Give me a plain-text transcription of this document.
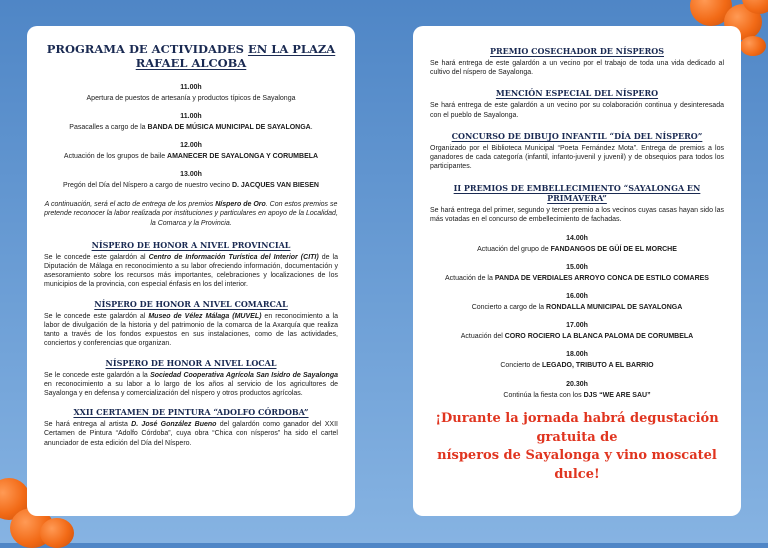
PROGRAMA DE ACTIVIDADES EN LA PLAZA RAFAEL ALCOBA

11.00h

Apertura de puestos de artesanía y productos típicos de Sayalonga

11.00h

Pasacalles a cargo de la BANDA DE MÚSICA MUNICIPAL DE SAYALONGA.

12.00h

Actuación de los grupos de baile AMANECER DE SAYALONGA Y CORUMBELA

13.00h

Pregón del Día del Níspero a cargo de nuestro vecino D. JACQUES VAN BIESEN

A continuación, será el acto de entrega de los premios Níspero de Oro. Con estos premios se pretende reconocer la labor realizada por instituciones y particulares en apoyo de la Localidad, la Comarca y la Provincia.

NÍSPERO DE HONOR A NIVEL PROVINCIAL

Se le concede este galardón al Centro de Información Turística del Interior (CITI) de la Diputación de Málaga en reconocimiento a su labor ofreciendo información, documentación y asesoramiento sobre los recursos más importantes, celebraciones y localizaciones de los municipios de la provincia, con especial énfasis en los del interior.

NÍSPERO DE HONOR A NIVEL COMARCAL

Se le concede este galardón al Museo de Vélez Málaga (MUVEL) en reconocimiento a la labor de divulgación de la historia y del patrimonio de la comarca de la Axarquía que realiza tanto a través de los fondos expuestos en sus instalaciones, como de las actividades, conciertos y conferencias que organizan.

NÍSPERO DE HONOR A NIVEL LOCAL

Se le concede este galardón a la Sociedad Cooperativa Agrícola San Isidro de Sayalonga en reconocimiento a su labor a lo largo de los años al servicio de los agricultores de Sayalonga y en defensa y comercialización del níspero y otros productos agrícolas.

XXII CERTAMEN DE PINTURA “ADOLFO CÓRDOBA”

Se hará entrega al artista D. José González Bueno del galardón como ganador del XXII Certamen de Pintura “Adolfo Córdoba”, cuya obra “Chica con nísperos” ha sido el cartel anunciador de esta edición del Día del Níspero.

PREMIO COSECHADOR DE NÍSPEROS

Se hará entrega de este galardón a un vecino por el trabajo de toda una vida dedicado al cultivo del níspero de Sayalonga.

MENCIÓN ESPECIAL DEL NÍSPERO

Se hará entrega de este galardón a un vecino por su colaboración continua y desinteresada con el pueblo de Sayalonga.

CONCURSO DE DIBUJO INFANTIL “DÍA DEL NÍSPERO”

Organizado por el Biblioteca Municipal “Poeta Fernández Mota”. Entrega de premios a los ganadores de cada categoría (infantil, infanto-juvenil y juvenil) y de obsequios para todos los participantes.

II PREMIOS DE EMBELLECIMIENTO “SAYALONGA EN PRIMAVERA”

Se hará entrega del primer, segundo y tercer premio a los vecinos cuyas casas hayan sido las más votadas en el concurso de embellecimiento de fachadas.

14.00h

Actuación del grupo de FANDANGOS DE GÜÍ DE EL MORCHE

15.00h

Actuación de la PANDA DE VERDIALES ARROYO CONCA DE ESTILO COMARES

16.00h

Concierto a cargo de la RONDALLA MUNICIPAL DE SAYALONGA

17.00h

Actuación del CORO ROCIERO LA BLANCA PALOMA DE CORUMBELA

18.00h

Concierto de LEGADO, TRIBUTO A EL BARRIO

20.30h

Continúa la fiesta con los DJS “WE ARE SAU”

¡Durante la jornada habrá degustación gratuita de
nísperos de Sayalonga y vino moscatel dulce!
